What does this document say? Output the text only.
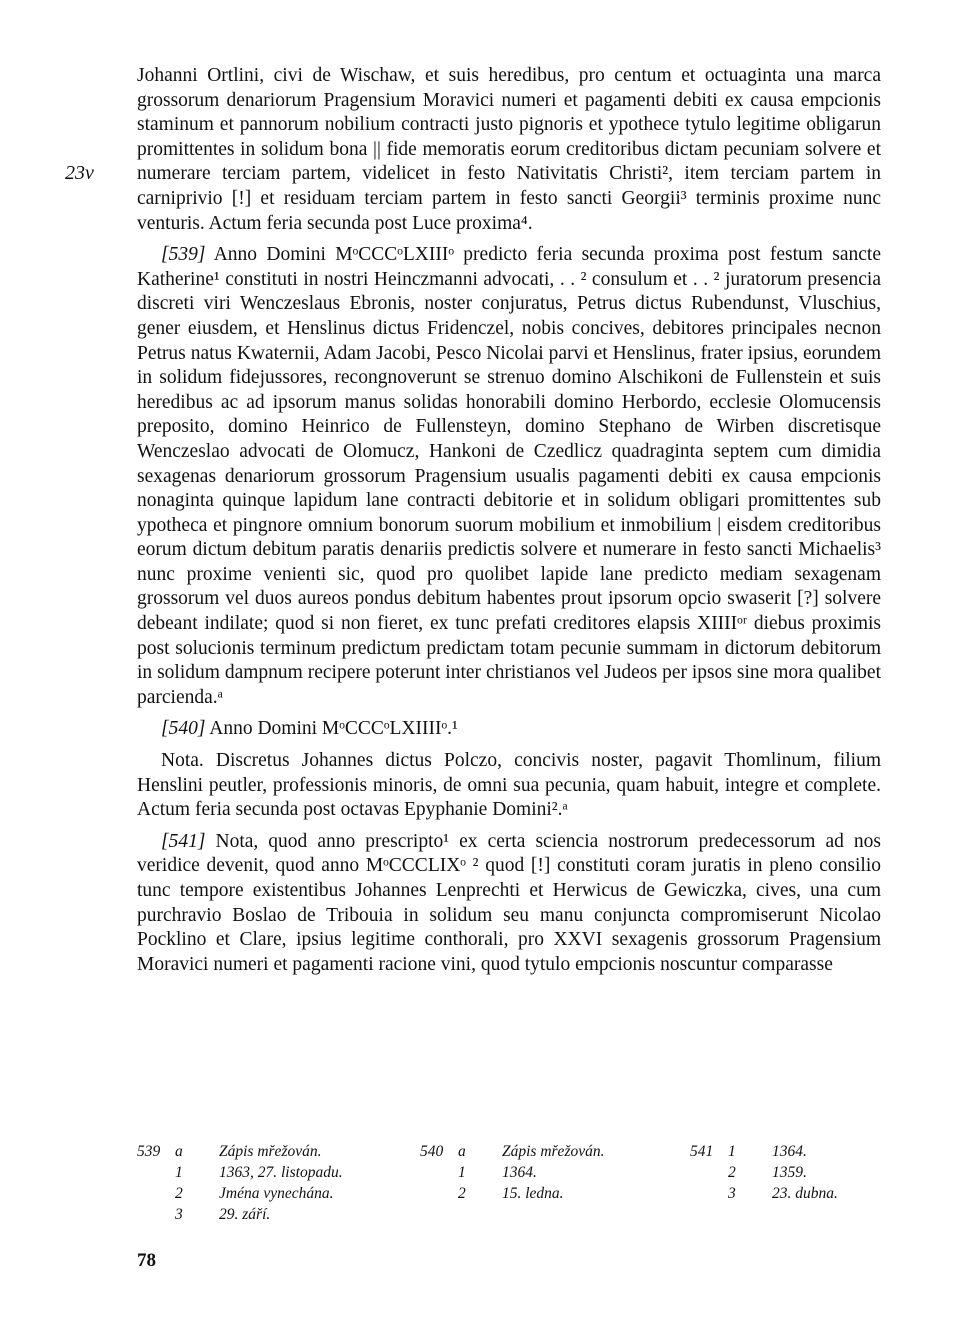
23v

Johanni Ortlini, civi de Wischaw, et suis heredibus, pro centum et octuaginta una marca grossorum denariorum Pragensium Moravici numeri et pagamenti debiti ex causa empcionis staminum et pannorum nobilium contracti justo pignoris et ypothece tytulo legitime obligarun promittentes in solidum bona || fide memoratis eorum creditoribus dictam pecuniam solvere et numerare terciam partem, videlicet in festo Nativitatis Christi², item terciam partem in carniprivio [!] et residuam terciam partem in festo sancti Georgii³ terminis proxime nunc venturis. Actum feria secunda post Luce proxima⁴.

[539] Anno Domini MᵒCCCᵒLXIIIᵒ predicto feria secunda proxima post festum sancte Katherine¹ constituti in nostri Heinczmanni advocati, . . ² consulum et . . ² juratorum presencia discreti viri Wenczeslaus Ebronis, noster conjuratus, Petrus dictus Rubendunst, Vluschius, gener eiusdem, et Henslinus dictus Fridenczel, nobis concives, debitores principales necnon Petrus natus Kwaternii, Adam Jacobi, Pesco Nicolai parvi et Henslinus, frater ipsius, eorundem in solidum fidejussores, recongnoverunt se strenuo domino Alschikoni de Fullenstein et suis heredibus ac ad ipsorum manus solidas honorabili domino Herbordo, ecclesie Olomucensis preposito, domino Heinrico de Fullensteyn, domino Stephano de Wirben discretisque Wenczeslao advocati de Olomucz, Hankoni de Czedlicz quadraginta septem cum dimidia sexagenas denariorum grossorum Pragensium usualis pagamenti debiti ex causa empcionis nonaginta quinque lapidum lane contracti debitorie et in solidum obligari promittentes sub ypotheca et pingnore omnium bonorum suorum mobilium et inmobilium | eisdem creditoribus eorum dictum debitum paratis denariis predictis solvere et numerare in festo sancti Michaelis³ nunc proxime venienti sic, quod pro quolibet lapide lane predicto mediam sexagenam grossorum vel duos aureos pondus debitum habentes prout ipsorum opcio swaserit [?] solvere debeant indilate; quod si non fieret, ex tunc prefati creditores elapsis XIIIIᵒʳ diebus proximis post solucionis terminum predictum predictam totam pecunie summam in dictorum debitorum in solidum dampnum recipere poterunt inter christianos vel Judeos per ipsos sine mora qualibet parcienda.ᵃ

[540] Anno Domini MᵒCCCᵒLXIIIIᵒ.¹

Nota. Discretus Johannes dictus Polczo, concivis noster, pagavit Thomlinum, filium Henslini peutler, professionis minoris, de omni sua pecunia, quam habuit, integre et complete. Actum feria secunda post octavas Epyphanie Domini².ᵃ

[541] Nota, quod anno prescripto¹ ex certa sciencia nostrorum predecessorum ad nos veridice devenit, quod anno MᵒCCCLIXᵒ ² quod [!] constituti coram juratis in pleno consilio tunc tempore existentibus Johannes Lenprechti et Herwicus de Gewiczka, cives, una cum purchravio Boslao de Tribouia in solidum seu manu conjuncta compromiserunt Nicolao Pocklino et Clare, ipsius legitime conthorali, pro XXVI sexagenis grossorum Pragensium Moravici numeri et pagamenti racione vini, quod tytulo empcionis noscuntur comparasse

539 a	Zápis mřežován.
1	1363, 27. listopadu.
2	Jména vynechána.
3	29. září.
540 a	Zápis mřežován.
1	1364.
2	15. ledna.
541 1	1364.
2	1359.
3	23. dubna.
78
